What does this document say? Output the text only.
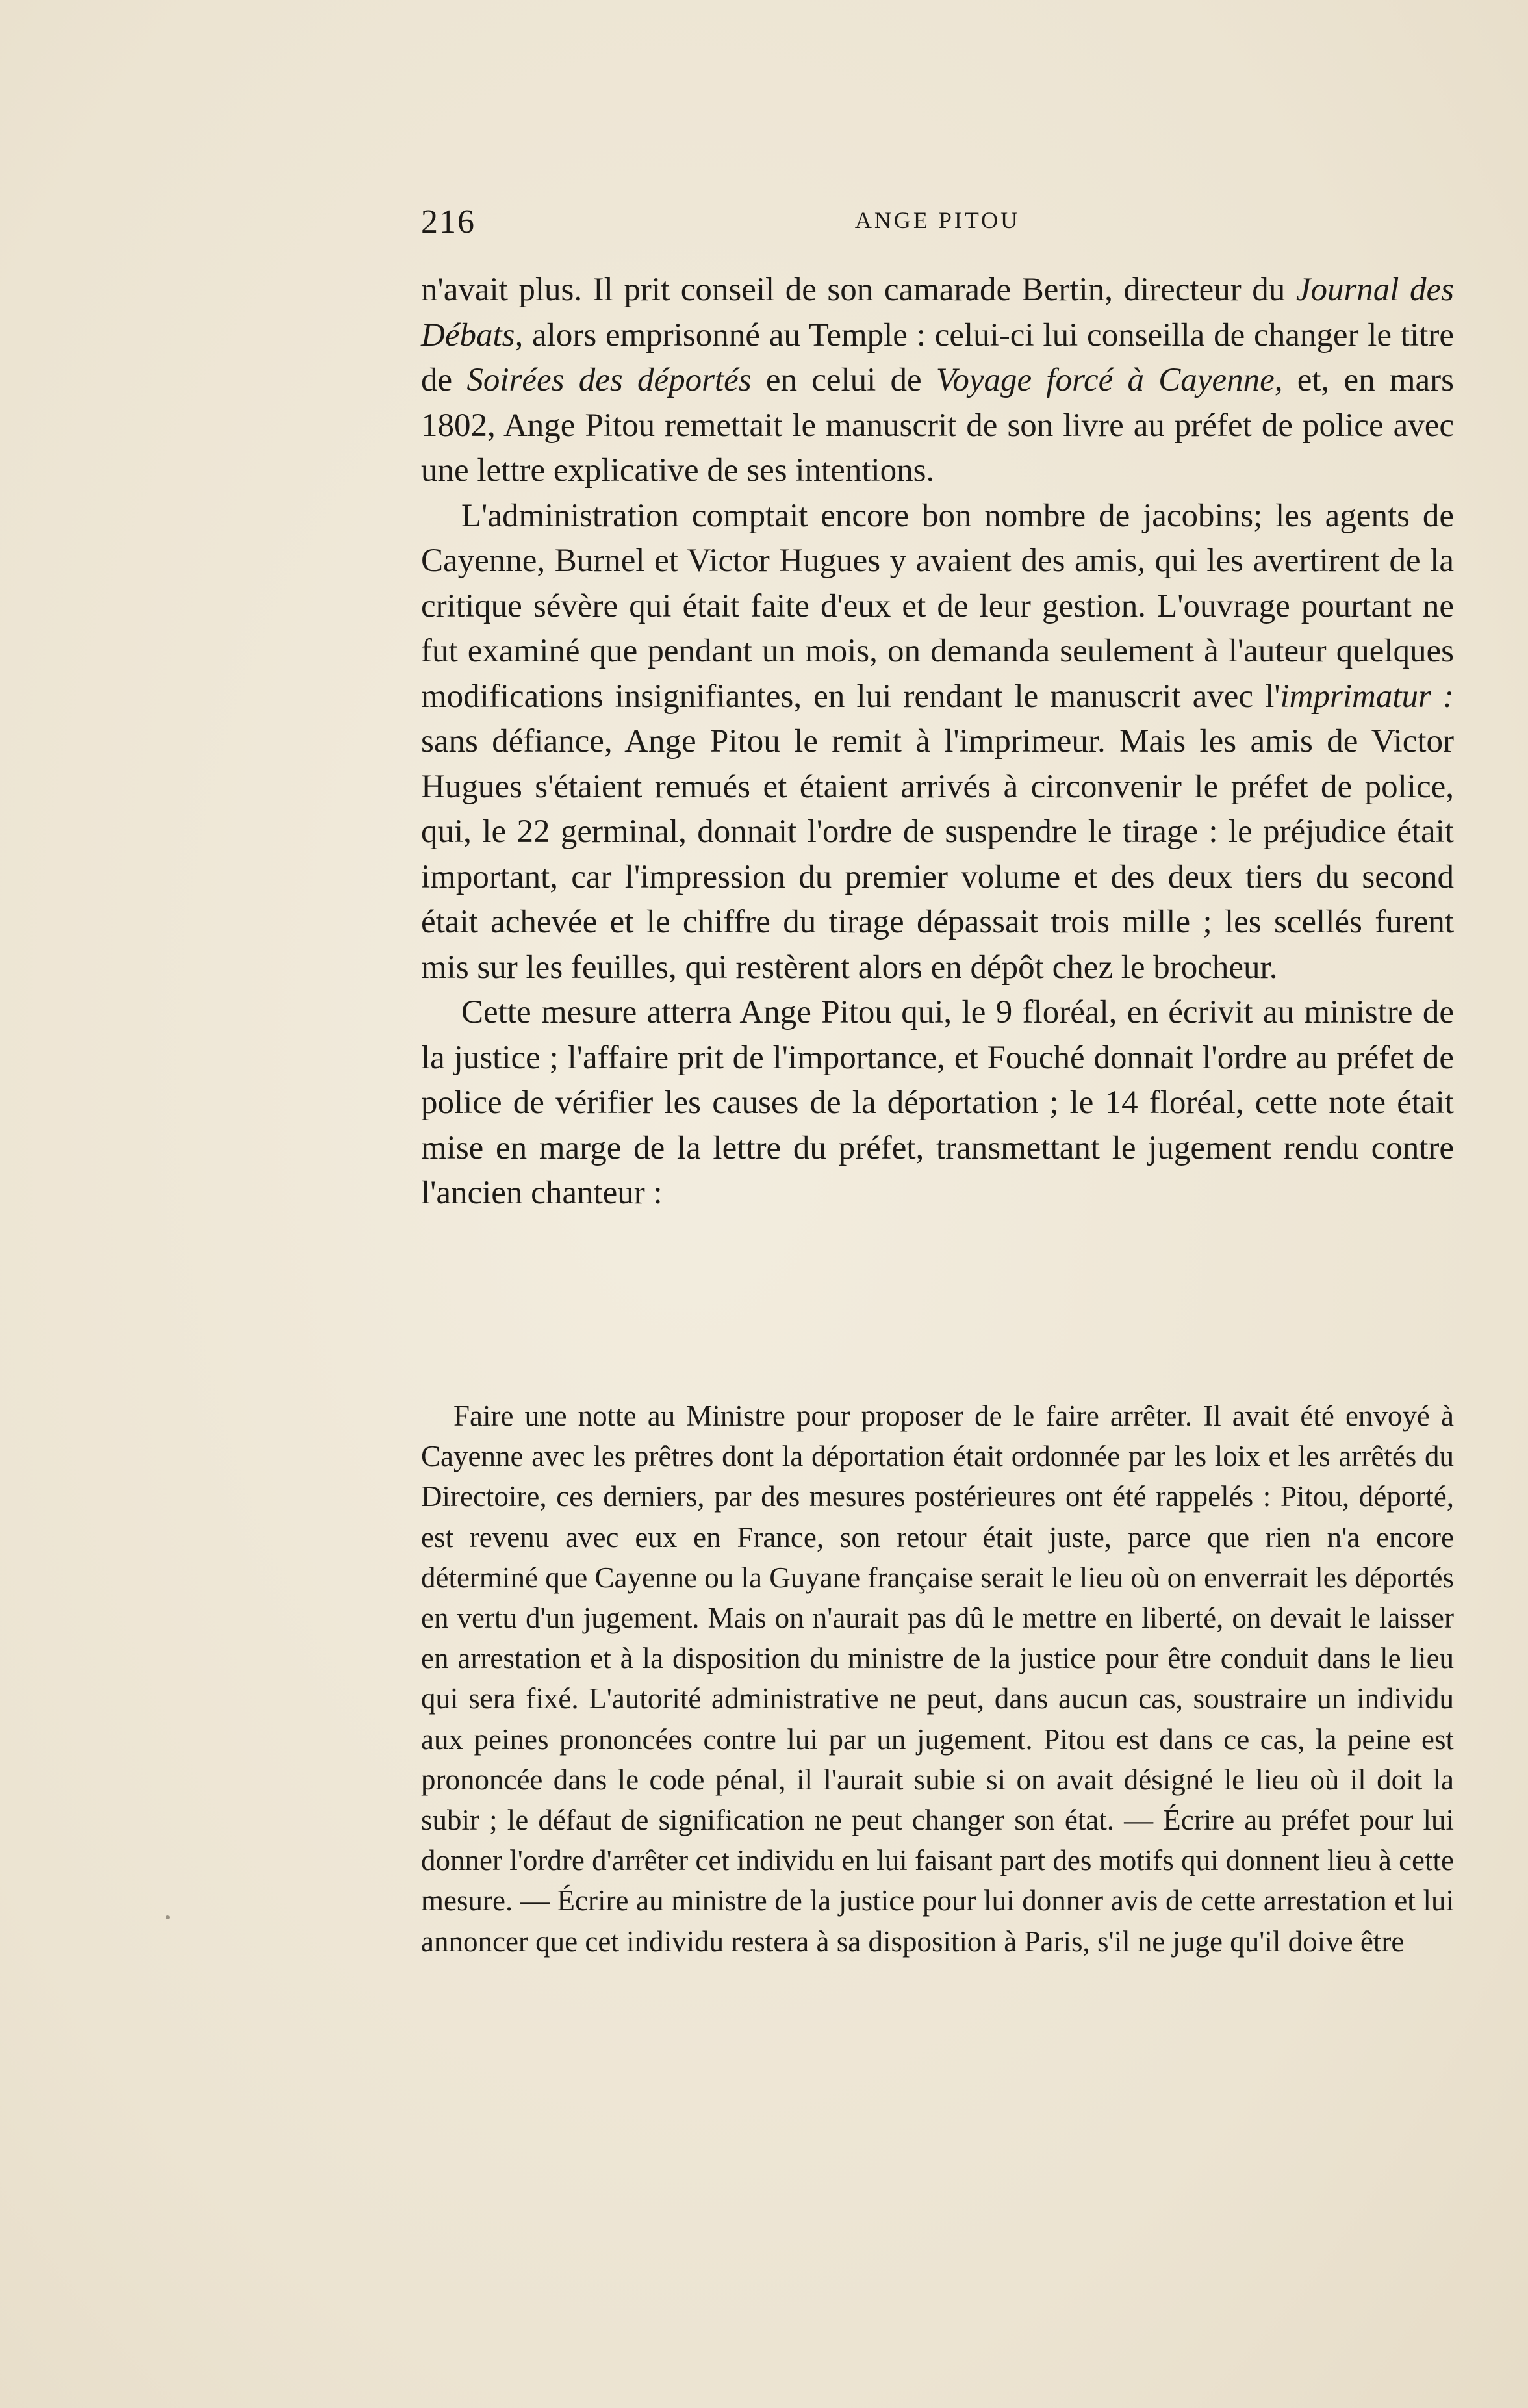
216	ANGE PITOU

n'avait plus. Il prit conseil de son camarade Bertin, directeur du Journal des Débats, alors emprisonné au Temple : celui-ci lui conseilla de changer le titre de Soirées des déportés en celui de Voyage forcé à Cayenne, et, en mars 1802, Ange Pitou remettait le manuscrit de son livre au préfet de police avec une lettre explicative de ses intentions.

L'administration comptait encore bon nombre de jacobins; les agents de Cayenne, Burnel et Victor Hugues y avaient des amis, qui les avertirent de la critique sévère qui était faite d'eux et de leur gestion. L'ouvrage pourtant ne fut examiné que pendant un mois, on demanda seulement à l'auteur quelques modifications insignifiantes, en lui rendant le manuscrit avec l'imprimatur : sans défiance, Ange Pitou le remit à l'imprimeur. Mais les amis de Victor Hugues s'étaient remués et étaient arrivés à circonvenir le préfet de police, qui, le 22 germinal, donnait l'ordre de suspendre le tirage : le préjudice était important, car l'impression du premier volume et des deux tiers du second était achevée et le chiffre du tirage dépassait trois mille ; les scellés furent mis sur les feuilles, qui restèrent alors en dépôt chez le brocheur.

Cette mesure atterra Ange Pitou qui, le 9 floréal, en écrivit au ministre de la justice ; l'affaire prit de l'importance, et Fouché donnait l'ordre au préfet de police de vérifier les causes de la déportation ; le 14 floréal, cette note était mise en marge de la lettre du préfet, transmettant le jugement rendu contre l'ancien chanteur :

Faire une notte au Ministre pour proposer de le faire arrêter. Il avait été envoyé à Cayenne avec les prêtres dont la déportation était ordonnée par les loix et les arrêtés du Directoire, ces derniers, par des mesures postérieures ont été rappelés : Pitou, déporté, est revenu avec eux en France, son retour était juste, parce que rien n'a encore déterminé que Cayenne ou la Guyane française serait le lieu où on enverrait les déportés en vertu d'un jugement. Mais on n'aurait pas dû le mettre en liberté, on devait le laisser en arrestation et à la disposition du ministre de la justice pour être conduit dans le lieu qui sera fixé. L'autorité administrative ne peut, dans aucun cas, soustraire un individu aux peines prononcées contre lui par un jugement. Pitou est dans ce cas, la peine est prononcée dans le code pénal, il l'aurait subie si on avait désigné le lieu où il doit la subir ; le défaut de signification ne peut changer son état. — Écrire au préfet pour lui donner l'ordre d'arrêter cet individu en lui faisant part des motifs qui donnent lieu à cette mesure. — Écrire au ministre de la justice pour lui donner avis de cette arrestation et lui annoncer que cet individu restera à sa disposition à Paris, s'il ne juge qu'il doive être
